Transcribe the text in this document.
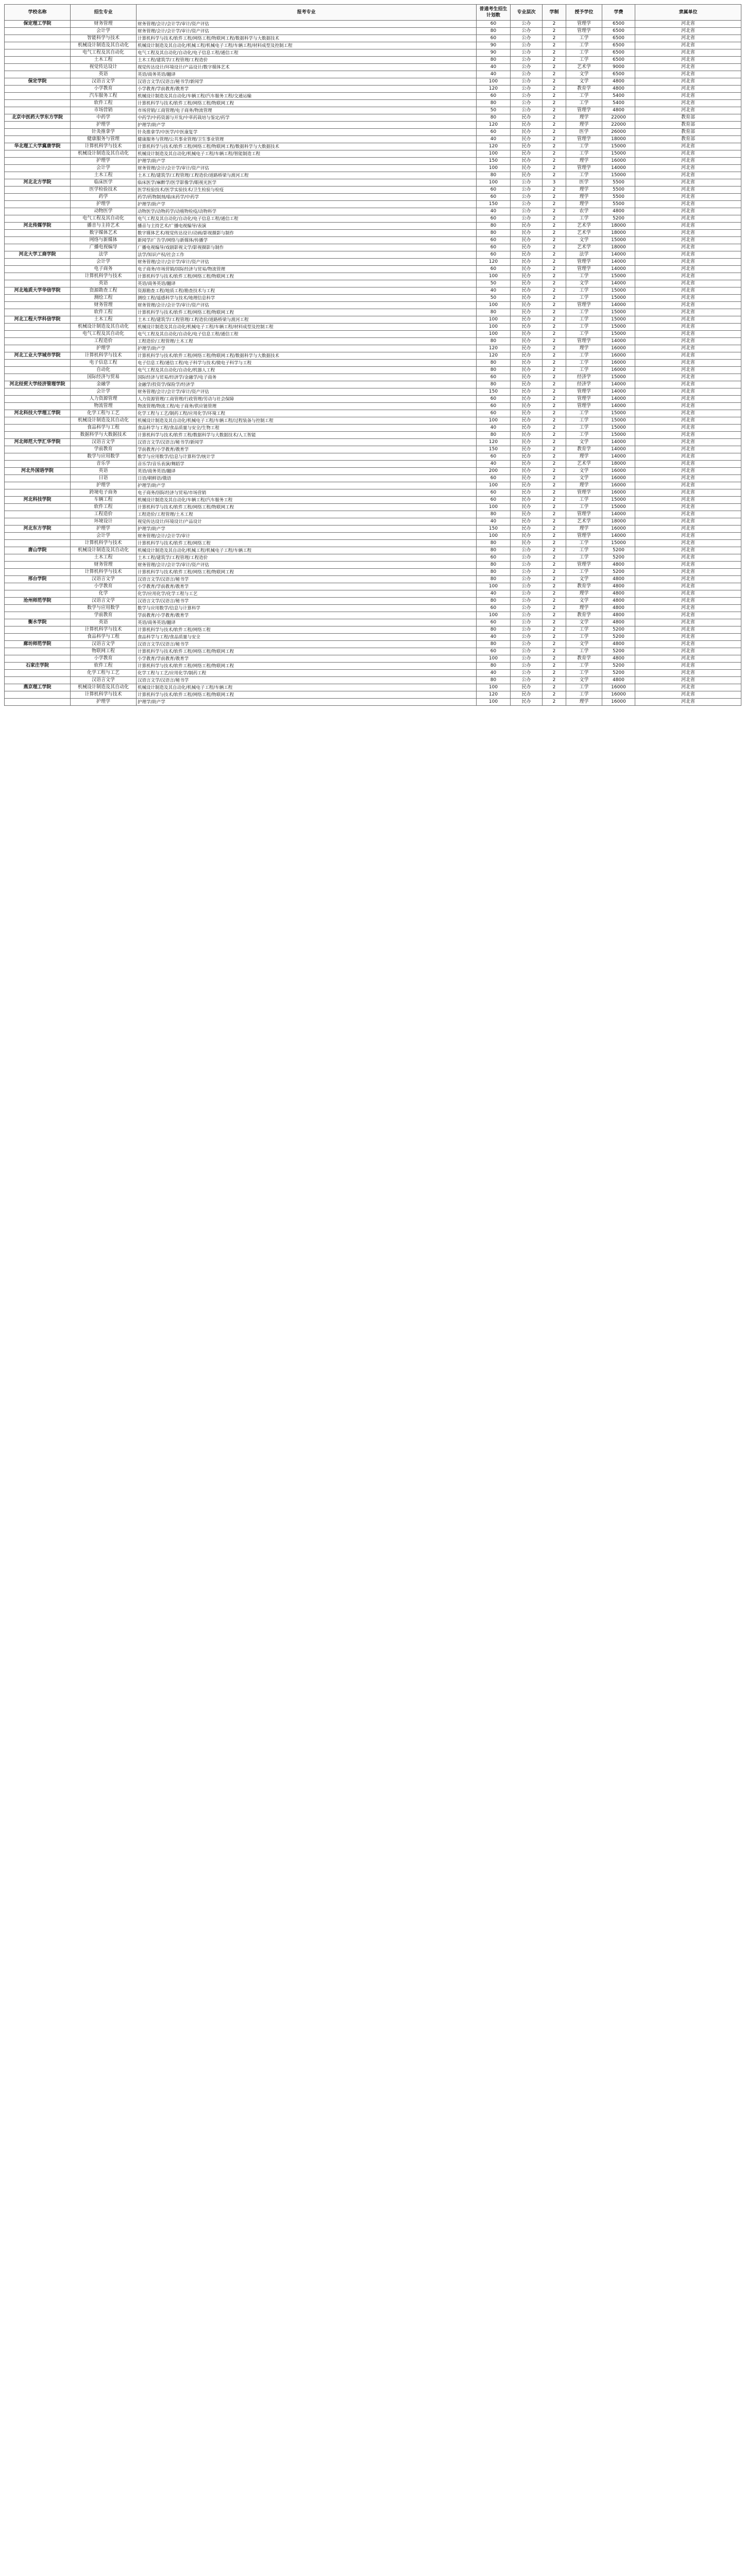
学校名称	招生专业	报考专业	普通考生招生计划数	专业层次	学制	授予学位	学费	隶属单位
保定理工学院	财务管理	财务管理/会计/会计学/审计/资产评估	60	公办	2	管理学	6500	河北省
	会计学	财务管理/会计/会计学/审计/资产评估	80	公办	2	管理学	6500	河北省
	智能科学与技术	计算机科学与技术/软件工程/网络工程/物联网工程/数据科学与大数据技术	60	公办	2	工学	6500	河北省
	机械设计制造及其自动化	机械设计制造及其自动化/机械工程/机械电子工程/车辆工程/材料成型及控制工程	90	公办	2	工学	6500	河北省
	电气工程及其自动化	电气工程及其自动化/自动化/电子信息工程/通信工程	90	公办	2	工学	6500	河北省
	土木工程	土木工程/建筑学/工程管理/工程造价	80	公办	2	工学	6500	河北省
	视觉传达设计	视觉传达设计/环境设计/产品设计/数字媒体艺术	40	公办	2	艺术学	9000	河北省
	英语	英语/商务英语/翻译	40	公办	2	文学	6500	河北省
保定学院	汉语言文学	汉语言文学/汉语言/秘书学/新闻学	100	公办	2	文学	4800	河北省
	小学教育	小学教育/学前教育/教育学	120	公办	2	教育学	4800	河北省
	汽车服务工程	机械设计制造及其自动化/车辆工程/汽车服务工程/交通运输	60	公办	2	工学	5400	河北省
	软件工程	计算机科学与技术/软件工程/网络工程/物联网工程	80	公办	2	工学	5400	河北省
	市场营销	市场营销/工商管理/电子商务/物流管理	50	公办	2	管理学	4800	河北省
北京中医药大学东方学院	中药学	中药学/中药资源与开发/中草药栽培与鉴定/药学	80	民办	2	理学	22000	教育部
	护理学	护理学/助产学	120	民办	2	理学	22000	教育部
	针灸推拿学	针灸推拿学/中医学/中医康复学	60	民办	2	医学	26000	教育部
	健康服务与管理	健康服务与管理/公共事业管理/卫生事业管理	40	民办	2	管理学	18000	教育部
华北理工大学冀唐学院	计算机科学与技术	计算机科学与技术/软件工程/网络工程/物联网工程/数据科学与大数据技术	120	民办	2	工学	15000	河北省
	机械设计制造及其自动化	机械设计制造及其自动化/机械电子工程/车辆工程/智能制造工程	100	民办	2	工学	15000	河北省
	护理学	护理学/助产学	150	民办	2	理学	16000	河北省
	会计学	财务管理/会计/会计学/审计/资产评估	100	民办	2	管理学	14000	河北省
	土木工程	土木工程/建筑学/工程管理/工程造价/道路桥梁与渡河工程	80	民办	2	工学	15000	河北省
河北北方学院	临床医学	临床医学/麻醉学/医学影像学/眼视光医学	100	公办	3	医学	5500	河北省
	医学检验技术	医学检验技术/医学实验技术/卫生检验与检疫	60	公办	2	理学	5500	河北省
	药学	药学/药物制剂/临床药学/中药学	60	公办	2	理学	5500	河北省
	护理学	护理学/助产学	150	公办	2	理学	5500	河北省
	动物医学	动物医学/动物药学/动植物检疫/动物科学	40	公办	2	农学	4800	河北省
	电气工程及其自动化	电气工程及其自动化/自动化/电子信息工程/通信工程	60	公办	2	工学	5200	河北省
河北传媒学院	播音与主持艺术	播音与主持艺术/广播电视编导/表演	80	民办	2	艺术学	18000	河北省
	数字媒体艺术	数字媒体艺术/视觉传达设计/动画/影视摄影与制作	80	民办	2	艺术学	18000	河北省
	网络与新媒体	新闻学/广告学/网络与新媒体/传播学	60	民办	2	文学	15000	河北省
	广播电视编导	广播电视编导/戏剧影视文学/影视摄影与制作	60	民办	2	艺术学	18000	河北省
河北大学工商学院	法学	法学/知识产权/社会工作	60	民办	2	法学	14000	河北省
	会计学	财务管理/会计/会计学/审计/资产评估	120	民办	2	管理学	14000	河北省
	电子商务	电子商务/市场营销/国际经济与贸易/物流管理	60	民办	2	管理学	14000	河北省
	计算机科学与技术	计算机科学与技术/软件工程/网络工程/物联网工程	100	民办	2	工学	15000	河北省
	英语	英语/商务英语/翻译	50	民办	2	文学	14000	河北省
河北地质大学华信学院	资源勘查工程	资源勘查工程/地质工程/勘查技术与工程	40	民办	2	工学	15000	河北省
	测绘工程	测绘工程/遥感科学与技术/地理信息科学	50	民办	2	工学	15000	河北省
	财务管理	财务管理/会计/会计学/审计/资产评估	100	民办	2	管理学	14000	河北省
	软件工程	计算机科学与技术/软件工程/网络工程/物联网工程	80	民办	2	工学	15000	河北省
河北工程大学科信学院	土木工程	土木工程/建筑学/工程管理/工程造价/道路桥梁与渡河工程	100	民办	2	工学	15000	河北省
	机械设计制造及其自动化	机械设计制造及其自动化/机械电子工程/车辆工程/材料成型及控制工程	100	民办	2	工学	15000	河北省
	电气工程及其自动化	电气工程及其自动化/自动化/电子信息工程/通信工程	100	民办	2	工学	15000	河北省
	工程造价	工程造价/工程管理/土木工程	80	民办	2	管理学	14000	河北省
	护理学	护理学/助产学	120	民办	2	理学	16000	河北省
河北工业大学城市学院	计算机科学与技术	计算机科学与技术/软件工程/网络工程/物联网工程/数据科学与大数据技术	120	民办	2	工学	16000	河北省
	电子信息工程	电子信息工程/通信工程/电子科学与技术/微电子科学与工程	80	民办	2	工学	16000	河北省
	自动化	电气工程及其自动化/自动化/机器人工程	80	民办	2	工学	16000	河北省
	国际经济与贸易	国际经济与贸易/经济学/金融学/电子商务	60	民办	2	经济学	15000	河北省
河北经贸大学经济管理学院	金融学	金融学/投资学/保险学/经济学	80	民办	2	经济学	14000	河北省
	会计学	财务管理/会计/会计学/审计/资产评估	150	民办	2	管理学	14000	河北省
	人力资源管理	人力资源管理/工商管理/行政管理/劳动与社会保障	60	民办	2	管理学	14000	河北省
	物流管理	物流管理/物流工程/电子商务/供应链管理	60	民办	2	管理学	14000	河北省
河北科技大学理工学院	化学工程与工艺	化学工程与工艺/制药工程/应用化学/环境工程	60	民办	2	工学	15000	河北省
	机械设计制造及其自动化	机械设计制造及其自动化/机械电子工程/车辆工程/过程装备与控制工程	100	民办	2	工学	15000	河北省
	食品科学与工程	食品科学与工程/食品质量与安全/生物工程	40	民办	2	工学	15000	河北省
	数据科学与大数据技术	计算机科学与技术/软件工程/数据科学与大数据技术/人工智能	80	民办	2	工学	15000	河北省
河北师范大学汇华学院	汉语言文学	汉语言文学/汉语言/秘书学/新闻学	120	民办	2	文学	14000	河北省
	学前教育	学前教育/小学教育/教育学	150	民办	2	教育学	14000	河北省
	数学与应用数学	数学与应用数学/信息与计算科学/统计学	60	民办	2	理学	14000	河北省
	音乐学	音乐学/音乐表演/舞蹈学	40	民办	2	艺术学	18000	河北省
河北外国语学院	英语	英语/商务英语/翻译	200	民办	2	文学	16000	河北省
	日语	日语/朝鲜语/俄语	60	民办	2	文学	16000	河北省
	护理学	护理学/助产学	100	民办	2	理学	16000	河北省
	跨境电子商务	电子商务/国际经济与贸易/市场营销	60	民办	2	管理学	16000	河北省
河北科技学院	车辆工程	机械设计制造及其自动化/车辆工程/汽车服务工程	60	民办	2	工学	15000	河北省
	软件工程	计算机科学与技术/软件工程/网络工程/物联网工程	100	民办	2	工学	15000	河北省
	工程造价	工程造价/工程管理/土木工程	80	民办	2	管理学	14000	河北省
	环境设计	视觉传达设计/环境设计/产品设计	40	民办	2	艺术学	18000	河北省
河北东方学院	护理学	护理学/助产学	150	民办	2	理学	16000	河北省
	会计学	财务管理/会计/会计学/审计	100	民办	2	管理学	14000	河北省
	计算机科学与技术	计算机科学与技术/软件工程/网络工程	80	民办	2	工学	15000	河北省
唐山学院	机械设计制造及其自动化	机械设计制造及其自动化/机械工程/机械电子工程/车辆工程	80	公办	2	工学	5200	河北省
	土木工程	土木工程/建筑学/工程管理/工程造价	60	公办	2	工学	5200	河北省
	财务管理	财务管理/会计/会计学/审计/资产评估	80	公办	2	管理学	4800	河北省
	计算机科学与技术	计算机科学与技术/软件工程/网络工程/物联网工程	80	公办	2	工学	5200	河北省
邢台学院	汉语言文学	汉语言文学/汉语言/秘书学	80	公办	2	文学	4800	河北省
	小学教育	小学教育/学前教育/教育学	100	公办	2	教育学	4800	河北省
	化学	化学/应用化学/化学工程与工艺	40	公办	2	理学	4800	河北省
沧州师范学院	汉语言文学	汉语言文学/汉语言/秘书学	80	公办	2	文学	4800	河北省
	数学与应用数学	数学与应用数学/信息与计算科学	60	公办	2	理学	4800	河北省
	学前教育	学前教育/小学教育/教育学	100	公办	2	教育学	4800	河北省
衡水学院	英语	英语/商务英语/翻译	60	公办	2	文学	4800	河北省
	计算机科学与技术	计算机科学与技术/软件工程/网络工程	80	公办	2	工学	5200	河北省
	食品科学与工程	食品科学与工程/食品质量与安全	40	公办	2	工学	5200	河北省
廊坊师范学院	汉语言文学	汉语言文学/汉语言/秘书学	80	公办	2	文学	4800	河北省
	物联网工程	计算机科学与技术/软件工程/网络工程/物联网工程	60	公办	2	工学	5200	河北省
	小学教育	小学教育/学前教育/教育学	100	公办	2	教育学	4800	河北省
石家庄学院	软件工程	计算机科学与技术/软件工程/网络工程/物联网工程	80	公办	2	工学	5200	河北省
	化学工程与工艺	化学工程与工艺/应用化学/制药工程	40	公办	2	工学	5200	河北省
	汉语言文学	汉语言文学/汉语言/秘书学	80	公办	2	文学	4800	河北省
燕京理工学院	机械设计制造及其自动化	机械设计制造及其自动化/机械电子工程/车辆工程	100	民办	2	工学	16000	河北省
	计算机科学与技术	计算机科学与技术/软件工程/网络工程/物联网工程	120	民办	2	工学	16000	河北省
	护理学	护理学/助产学	100	民办	2	理学	16000	河北省
